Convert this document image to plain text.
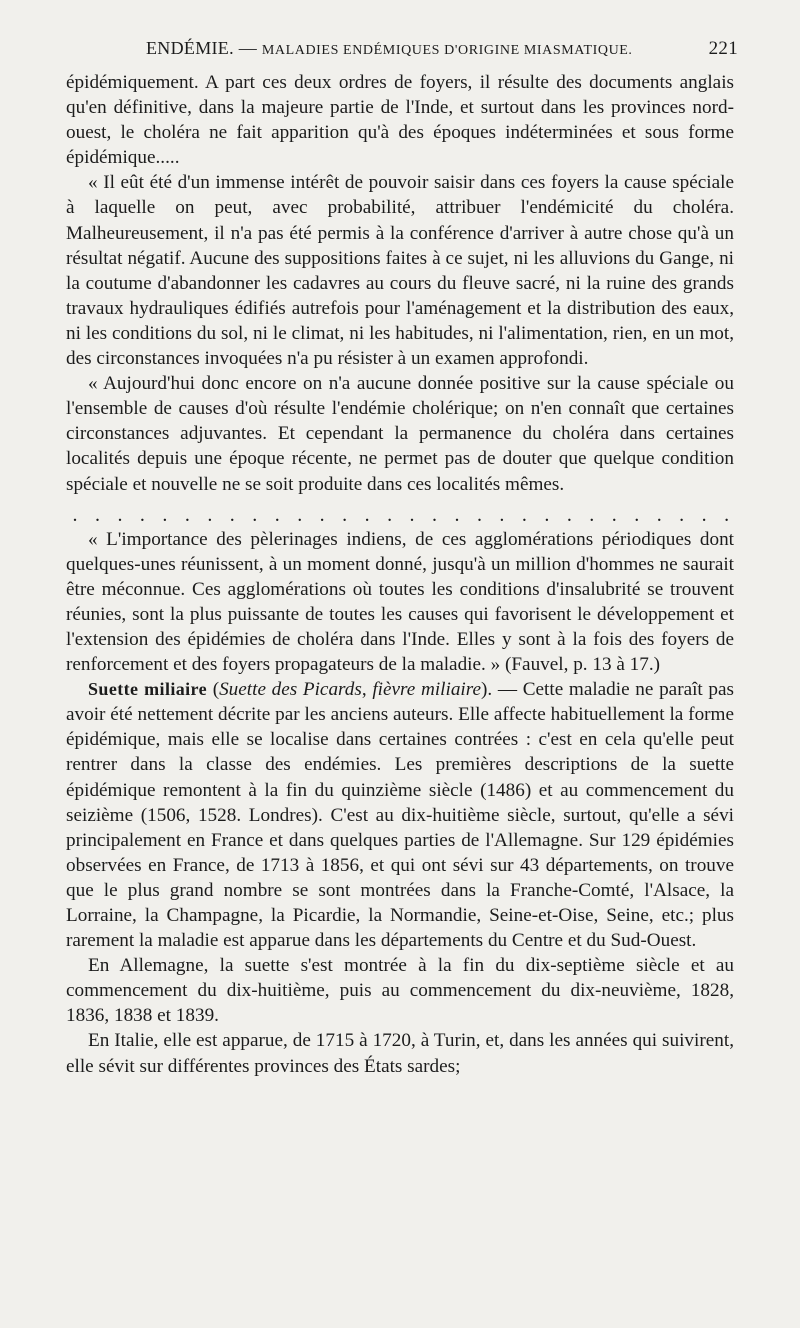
ENDÉMIE. — MALADIES ENDÉMIQUES D'ORIGINE MIASMATIQUE.	221

épidémiquement. A part ces deux ordres de foyers, il résulte des documents anglais qu'en définitive, dans la majeure partie de l'Inde, et surtout dans les provinces nord-ouest, le choléra ne fait apparition qu'à des époques indéterminées et sous forme épidémique.....

« Il eût été d'un immense intérêt de pouvoir saisir dans ces foyers la cause spéciale à laquelle on peut, avec probabilité, attribuer l'endémicité du choléra. Malheureusement, il n'a pas été permis à la conférence d'arriver à autre chose qu'à un résultat négatif. Aucune des suppositions faites à ce sujet, ni les alluvions du Gange, ni la coutume d'abandonner les cadavres au cours du fleuve sacré, ni la ruine des grands travaux hydrauliques édifiés autrefois pour l'aménagement et la distribution des eaux, ni les conditions du sol, ni le climat, ni les habitudes, ni l'alimentation, rien, en un mot, des circonstances invoquées n'a pu résister à un examen approfondi.

« Aujourd'hui donc encore on n'a aucune donnée positive sur la cause spéciale ou l'ensemble de causes d'où résulte l'endémie cholérique; on n'en connaît que certaines circonstances adjuvantes. Et cependant la permanence du choléra dans certaines localités depuis une époque récente, ne permet pas de douter que quelque condition spéciale et nouvelle ne se soit produite dans ces localités mêmes.

. . . . . . . . . . . . . . . . . . . . . . . . . . . . . .

« L'importance des pèlerinages indiens, de ces agglomérations périodiques dont quelques-unes réunissent, à un moment donné, jusqu'à un million d'hommes ne saurait être méconnue. Ces agglomérations où toutes les conditions d'insalubrité se trouvent réunies, sont la plus puissante de toutes les causes qui favorisent le développement et l'extension des épidémies de choléra dans l'Inde. Elles y sont à la fois des foyers de renforcement et des foyers propagateurs de la maladie. » (Fauvel, p. 13 à 17.)

Suette miliaire (Suette des Picards, fièvre miliaire). — Cette maladie ne paraît pas avoir été nettement décrite par les anciens auteurs. Elle affecte habituellement la forme épidémique, mais elle se localise dans certaines contrées : c'est en cela qu'elle peut rentrer dans la classe des endémies. Les premières descriptions de la suette épidémique remontent à la fin du quinzième siècle (1486) et au commencement du seizième (1506, 1528. Londres). C'est au dix-huitième siècle, surtout, qu'elle a sévi principalement en France et dans quelques parties de l'Allemagne. Sur 129 épidémies observées en France, de 1713 à 1856, et qui ont sévi sur 43 départements, on trouve que le plus grand nombre se sont montrées dans la Franche-Comté, l'Alsace, la Lorraine, la Champagne, la Picardie, la Normandie, Seine-et-Oise, Seine, etc.; plus rarement la maladie est apparue dans les départements du Centre et du Sud-Ouest.

En Allemagne, la suette s'est montrée à la fin du dix-septième siècle et au commencement du dix-huitième, puis au commencement du dix-neuvième, 1828, 1836, 1838 et 1839.

En Italie, elle est apparue, de 1715 à 1720, à Turin, et, dans les années qui suivirent, elle sévit sur différentes provinces des États sardes;
